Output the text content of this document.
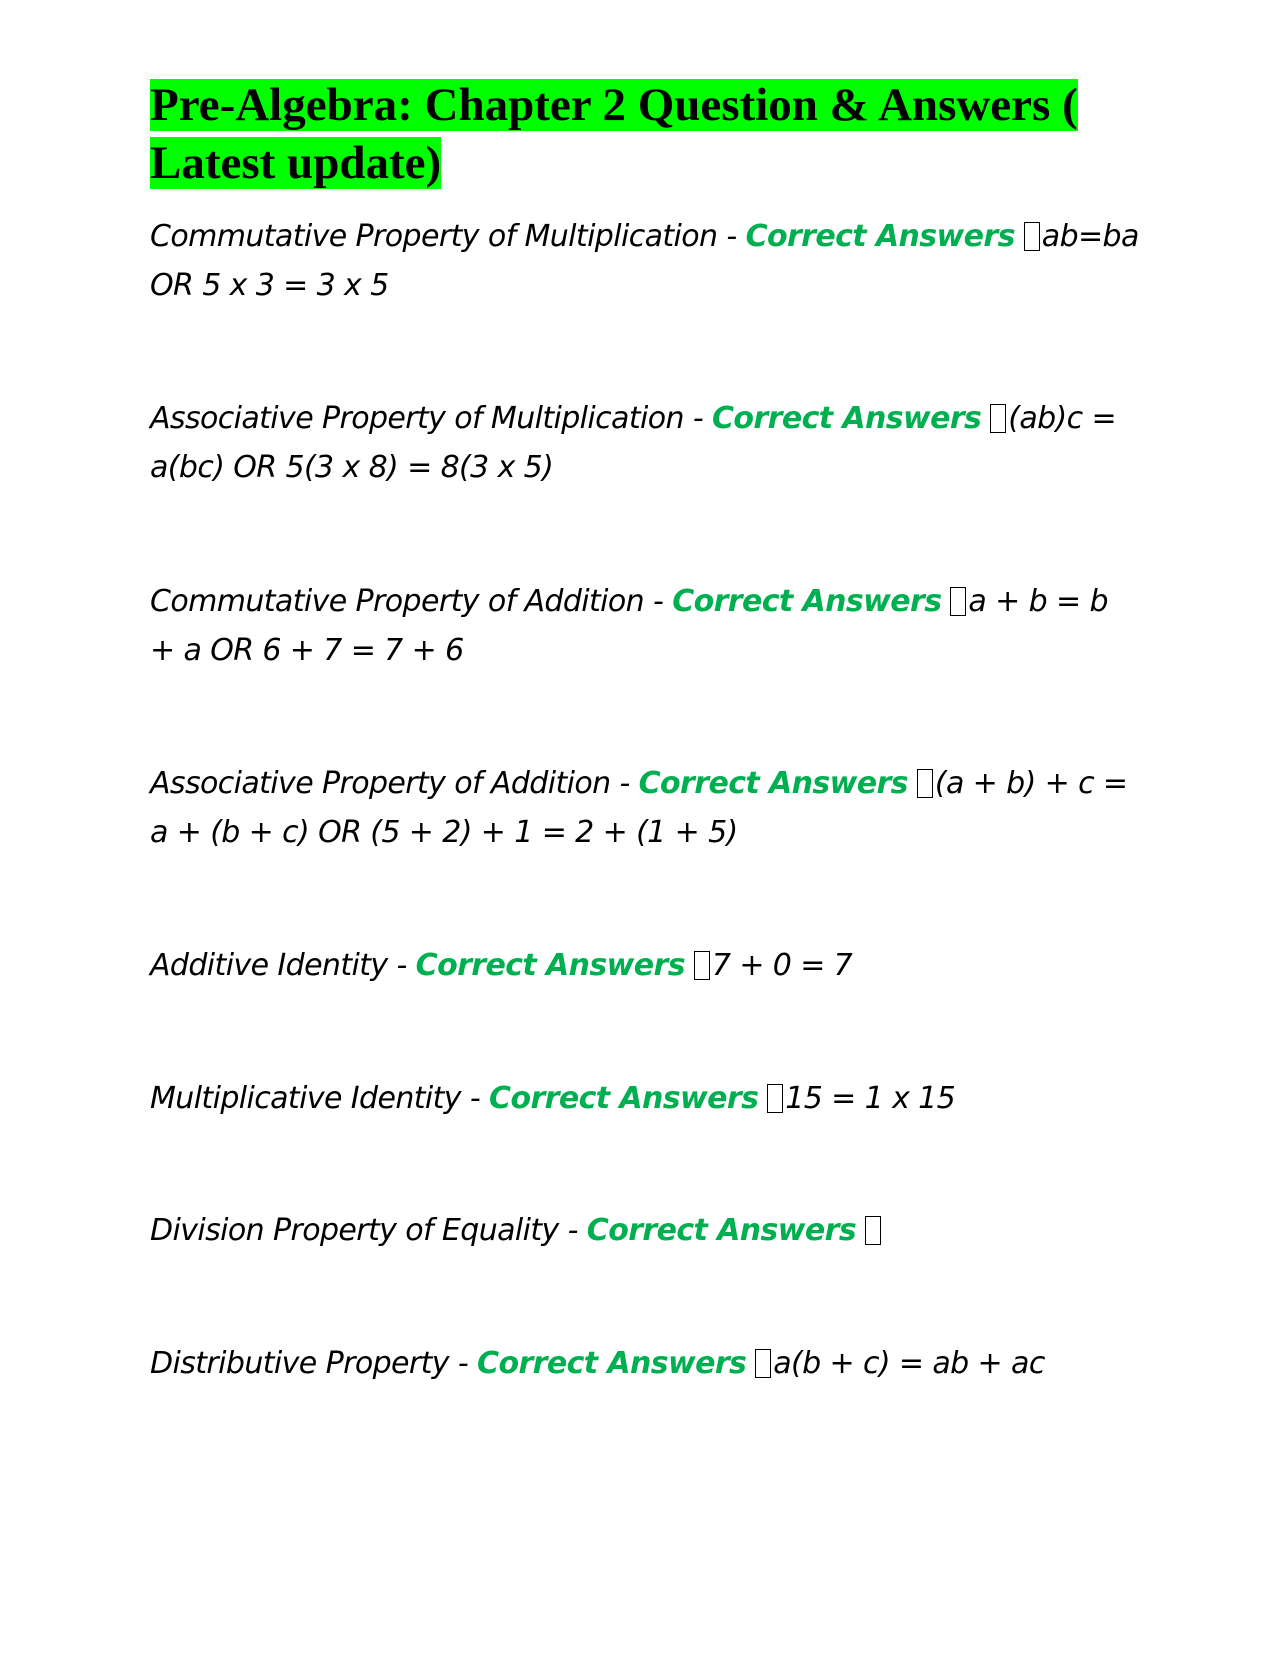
Pre-Algebra: Chapter 2 Question & Answers ( Latest update)

Commutative Property of Multiplication - Correct Answers ab=ba OR 5 x 3 = 3 x 5

Associative Property of Multiplication - Correct Answers (ab)c = a(bc) OR 5(3 x 8) = 8(3 x 5)

Commutative Property of Addition - Correct Answers a + b = b + a OR 6 + 7 = 7 + 6

Associative Property of Addition - Correct Answers (a + b) + c = a + (b + c) OR (5 + 2) + 1 = 2 + (1 + 5)

Additive Identity - Correct Answers 7 + 0 = 7

Multiplicative Identity - Correct Answers 15 = 1 x 15

Division Property of Equality - Correct Answers

Distributive Property - Correct Answers a(b + c) = ab + ac
